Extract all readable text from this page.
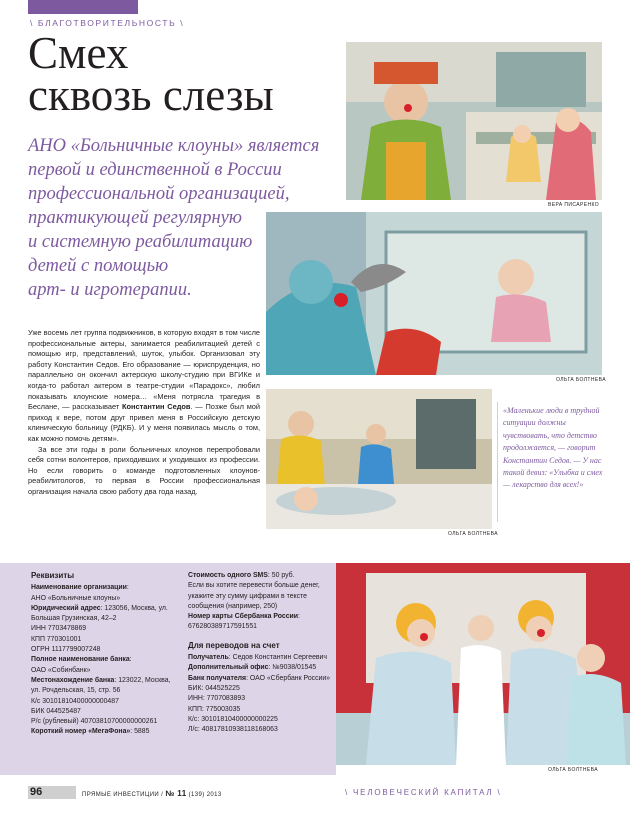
\ БЛАГОТВОРИТЕЛЬНОСТЬ \
Смех
сквозь слезы
АНО «Больничные клоуны» является
первой и единственной в России
профессиональной организацией,
практикующей регулярную
и системную реабилитацию
детей с помощью
арт- и игротерапии.
ВЕРА ПИСАРЕНКО
ОЛЬГА БОЛТНЕВА

Уже восемь лет группа подвижников, в которую входят в том числе профессиональные актеры, занимается реабилитацией детей с помощью игр, представлений, шуток, улыбок. Организовал эту работу Константин Седов. Его образование — юриспруденция, но параллельно он окончил актерскую школу-студию при ВГИКе и когда-то работал актером в театре-студии «Парадокс», любил показывать клоунские номера… «Меня потрясла трагедия в Беслане, — рассказывает Константин Седов. — Позже был мой приход к вере, потом друг привел меня в Российскую детскую клиническую больницу (РДКБ). И у меня появилась мысль о том, как можно помочь детям».

За все эти годы в роли больничных клоунов перепробовали себя сотни волонтеров, приходивших и уходивших из профессии. Но если говорить о команде подготовленных клоунов-реабилитологов, то первая в России профессиональная организация начала свою работу два года назад.

ОЛЬГА БОЛТНЕВА
«Маленькие люди в трудной ситуации должны чувствовать, что детство продолжается, — говорит Константин Седов. — У нас такой девиз: «Улыбка и смех — лекарство для всех!»
Реквизиты
Наименование организации:
АНО «Больничные клоуны»
Юридический адрес: 123056, Москва, ул. Большая Грузинская, 42–2
ИНН 7703478869
КПП 770301001
ОГРН 1117799007248
Полное наименование банка:
ОАО «Собинбанк»
Местонахождение банка: 123022, Москва, ул. Рочдельская, 15, стр. 56
К/с 30101810400000000487
БИК 044525487
Р/с (рублевый) 40703810700000000261
Короткий номер «МегаФона»: 5885
Стоимость одного SMS: 50 руб.
Если вы хотите перевести больше денег, укажите эту сумму цифрами в тексте сообщения (например, 250)
Номер карты Сбербанка России:
676280389717591551
Для переводов на счет
Получатель: Седов Константин Сергеевич
Дополнительный офис: №9038/01545
Банк получателя: ОАО «Сбербанк России»
БИК: 044525225
ИНН: 7707083893
КПП: 775003035
К/с: 30101810400000000225
Л/с: 40817810938118168063
ОЛЬГА БОЛТНЕВА
96	ПРЯМЫЕ ИНВЕСТИЦИИ / № 11 (139) 2013	\ ЧЕЛОВЕЧЕСКИЙ КАПИТАЛ \
